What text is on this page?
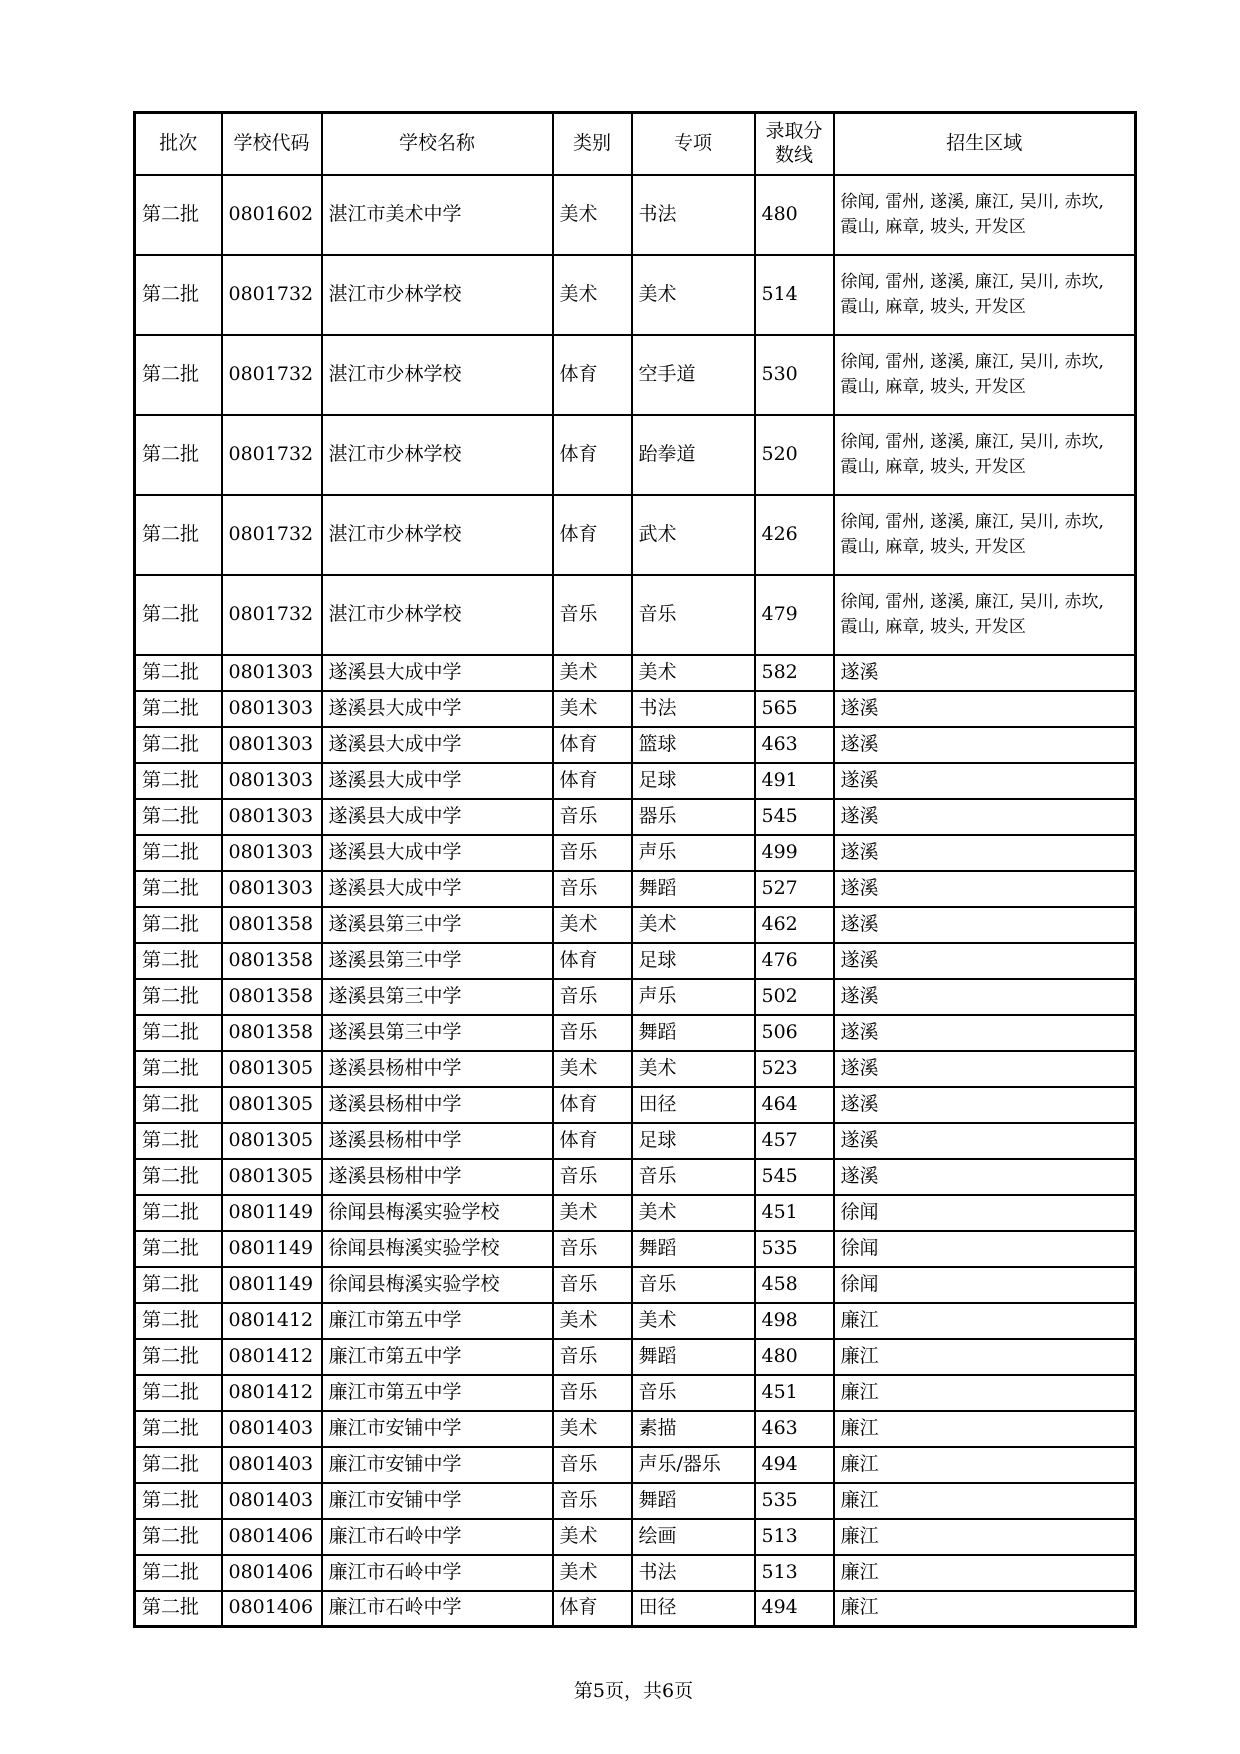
批次	学校代码	学校名称	类别	专项	录取分数线	招生区域
第二批	0801602	湛江市美术中学	美术	书法	480	徐闻, 雷州, 遂溪, 廉江, 吴川, 赤坎, 霞山, 麻章, 坡头, 开发区
第二批	0801732	湛江市少林学校	美术	美术	514	徐闻, 雷州, 遂溪, 廉江, 吴川, 赤坎, 霞山, 麻章, 坡头, 开发区
第二批	0801732	湛江市少林学校	体育	空手道	530	徐闻, 雷州, 遂溪, 廉江, 吴川, 赤坎, 霞山, 麻章, 坡头, 开发区
第二批	0801732	湛江市少林学校	体育	跆拳道	520	徐闻, 雷州, 遂溪, 廉江, 吴川, 赤坎, 霞山, 麻章, 坡头, 开发区
第二批	0801732	湛江市少林学校	体育	武术	426	徐闻, 雷州, 遂溪, 廉江, 吴川, 赤坎, 霞山, 麻章, 坡头, 开发区
第二批	0801732	湛江市少林学校	音乐	音乐	479	徐闻, 雷州, 遂溪, 廉江, 吴川, 赤坎, 霞山, 麻章, 坡头, 开发区
第二批	0801303	遂溪县大成中学	美术	美术	582	遂溪
第二批	0801303	遂溪县大成中学	美术	书法	565	遂溪
第二批	0801303	遂溪县大成中学	体育	篮球	463	遂溪
第二批	0801303	遂溪县大成中学	体育	足球	491	遂溪
第二批	0801303	遂溪县大成中学	音乐	器乐	545	遂溪
第二批	0801303	遂溪县大成中学	音乐	声乐	499	遂溪
第二批	0801303	遂溪县大成中学	音乐	舞蹈	527	遂溪
第二批	0801358	遂溪县第三中学	美术	美术	462	遂溪
第二批	0801358	遂溪县第三中学	体育	足球	476	遂溪
第二批	0801358	遂溪县第三中学	音乐	声乐	502	遂溪
第二批	0801358	遂溪县第三中学	音乐	舞蹈	506	遂溪
第二批	0801305	遂溪县杨柑中学	美术	美术	523	遂溪
第二批	0801305	遂溪县杨柑中学	体育	田径	464	遂溪
第二批	0801305	遂溪县杨柑中学	体育	足球	457	遂溪
第二批	0801305	遂溪县杨柑中学	音乐	音乐	545	遂溪
第二批	0801149	徐闻县梅溪实验学校	美术	美术	451	徐闻
第二批	0801149	徐闻县梅溪实验学校	音乐	舞蹈	535	徐闻
第二批	0801149	徐闻县梅溪实验学校	音乐	音乐	458	徐闻
第二批	0801412	廉江市第五中学	美术	美术	498	廉江
第二批	0801412	廉江市第五中学	音乐	舞蹈	480	廉江
第二批	0801412	廉江市第五中学	音乐	音乐	451	廉江
第二批	0801403	廉江市安铺中学	美术	素描	463	廉江
第二批	0801403	廉江市安铺中学	音乐	声乐/器乐	494	廉江
第二批	0801403	廉江市安铺中学	音乐	舞蹈	535	廉江
第二批	0801406	廉江市石岭中学	美术	绘画	513	廉江
第二批	0801406	廉江市石岭中学	美术	书法	513	廉江
第二批	0801406	廉江市石岭中学	体育	田径	494	廉江
第5页，共6页
